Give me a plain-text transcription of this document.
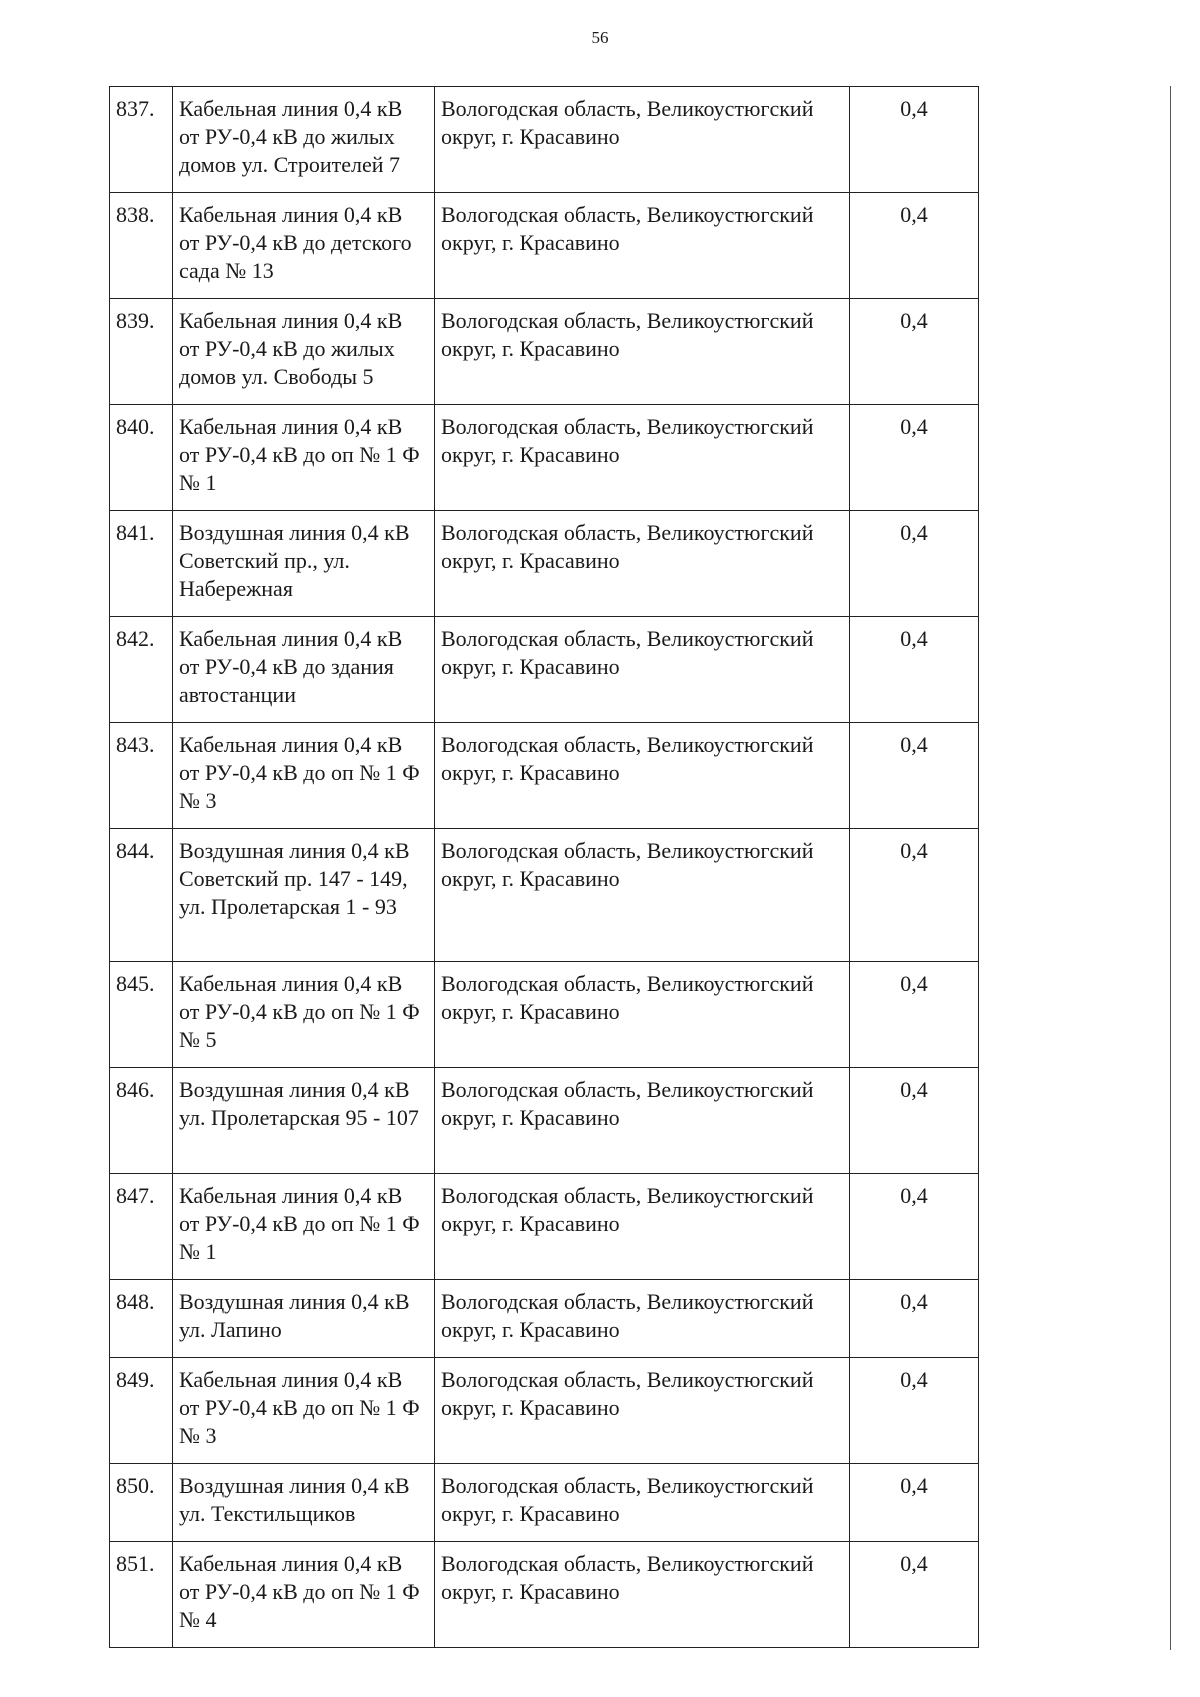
56
837.	Кабельная линия 0,4 кВ от РУ-0,4 кВ до жилых домов ул. Строителей 7	Вологодская область, Великоустюгский округ, г. Красавино	0,4
838.	Кабельная линия 0,4 кВ от РУ-0,4 кВ до детского сада № 13	Вологодская область, Великоустюгский округ, г. Красавино	0,4
839.	Кабельная линия 0,4 кВ от РУ-0,4 кВ до жилых домов ул. Свободы 5	Вологодская область, Великоустюгский округ, г. Красавино	0,4
840.	Кабельная линия 0,4 кВ от РУ-0,4 кВ до оп № 1 Ф № 1	Вологодская область, Великоустюгский округ, г. Красавино	0,4
841.	Воздушная линия 0,4 кВ Советский пр., ул. Набережная	Вологодская область, Великоустюгский округ, г. Красавино	0,4
842.	Кабельная линия 0,4 кВ от РУ-0,4 кВ до здания автостанции	Вологодская область, Великоустюгский округ, г. Красавино	0,4
843.	Кабельная линия 0,4 кВ от РУ-0,4 кВ до оп № 1 Ф № 3	Вологодская область, Великоустюгский округ, г. Красавино	0,4
844.	Воздушная линия 0,4 кВ Советский пр. 147 - 149, ул. Пролетарская 1 - 93	Вологодская область, Великоустюгский округ, г. Красавино	0,4
845.	Кабельная линия 0,4 кВ от РУ-0,4 кВ до оп № 1 Ф № 5	Вологодская область, Великоустюгский округ, г. Красавино	0,4
846.	Воздушная линия 0,4 кВ ул. Пролетарская 95 - 107	Вологодская область, Великоустюгский округ, г. Красавино	0,4
847.	Кабельная линия 0,4 кВ от РУ-0,4 кВ до оп № 1 Ф № 1	Вологодская область, Великоустюгский округ, г. Красавино	0,4
848.	Воздушная линия 0,4 кВ ул. Лапино	Вологодская область, Великоустюгский округ, г. Красавино	0,4
849.	Кабельная линия 0,4 кВ от РУ-0,4 кВ до оп № 1 Ф № 3	Вологодская область, Великоустюгский округ, г. Красавино	0,4
850.	Воздушная линия 0,4 кВ ул. Текстильщиков	Вологодская область, Великоустюгский округ, г. Красавино	0,4
851.	Кабельная линия 0,4 кВ от РУ-0,4 кВ до оп № 1 Ф № 4	Вологодская область, Великоустюгский округ, г. Красавино	0,4
